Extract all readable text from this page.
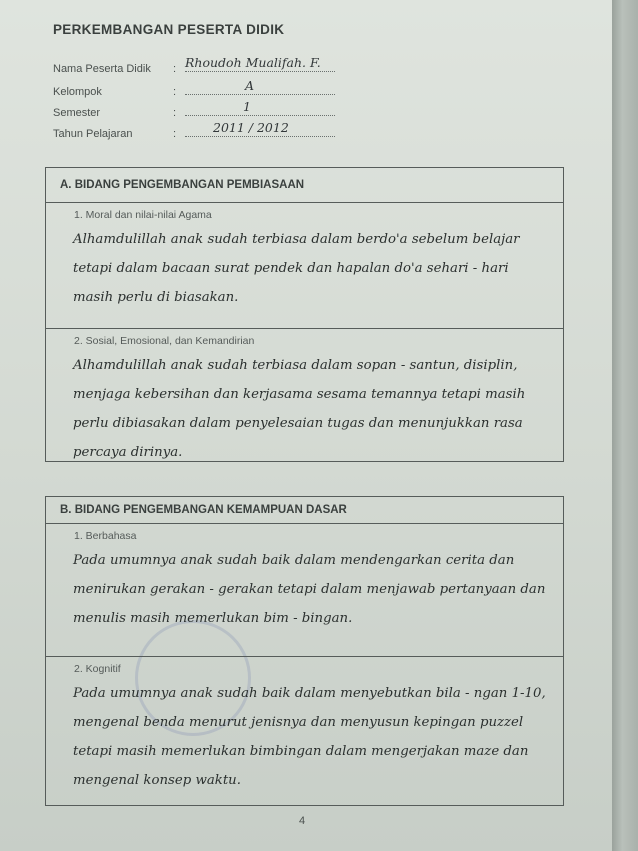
PERKEMBANGAN PESERTA DIDIK
Nama Peserta Didik : Rhoudoh Mualifah. F.
Kelompok	:	A
Semester	:	1
Tahun Pelajaran	:	2011 / 2012
A. BIDANG PENGEMBANGAN PEMBIASAAN
1. Moral dan nilai-nilai Agama
Alhamdulillah anak sudah terbiasa dalam berdo'a sebelum belajar tetapi dalam bacaan surat pendek dan hapalan do'a sehari - hari masih perlu di biasakan.
2. Sosial, Emosional, dan Kemandirian
Alhamdulillah anak sudah terbiasa dalam sopan - santun, disiplin, menjaga kebersihan dan kerjasama sesama temannya tetapi masih perlu dibiasakan dalam penyelesaian tugas dan menunjukkan rasa percaya dirinya.
B. BIDANG PENGEMBANGAN KEMAMPUAN DASAR
1. Berbahasa
Pada umumnya anak sudah baik dalam mendengarkan cerita dan menirukan gerakan - gerakan tetapi dalam menjawab pertanyaan dan menulis masih memerlukan bim - bingan.
2. Kognitif
Pada umumnya anak sudah baik dalam menyebutkan bila - ngan 1-10, mengenal benda menurut jenisnya dan menyusun kepingan puzzel tetapi masih memerlukan bimbingan dalam mengerjakan maze dan mengenal konsep waktu.
4
